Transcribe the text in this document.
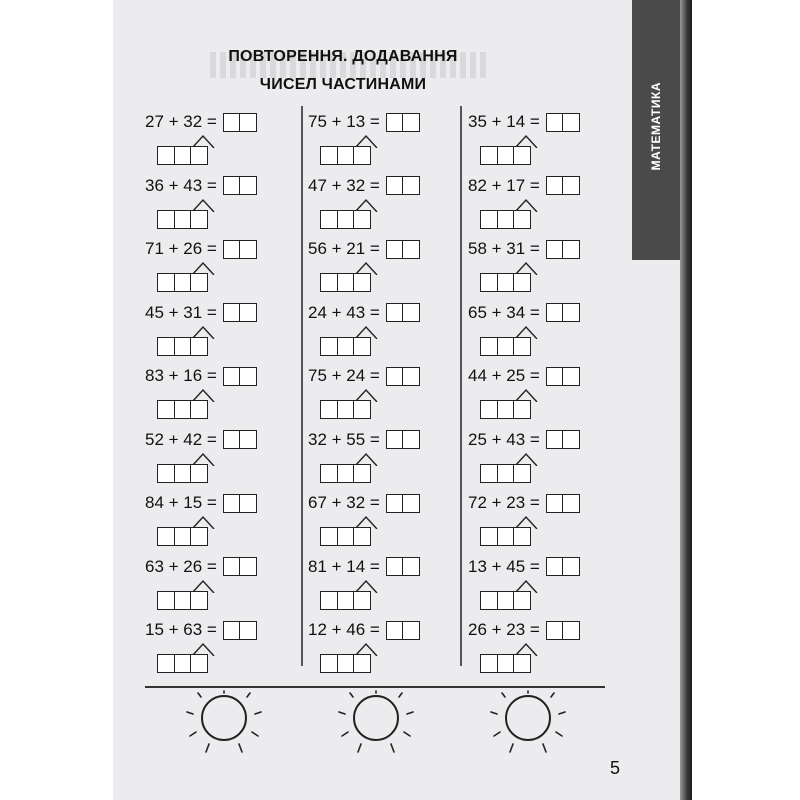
ПОВТОРЕННЯ. ДОДАВАННЯ
ЧИСЕЛ ЧАСТИНАМИ	МАТЕМАТИКА
27 + 32 =
36 + 43 =
71 + 26 =
45 + 31 =
83 + 16 =
52 + 42 =
84 + 15 =
63 + 26 =
15 + 63 =
75 + 13 =
47 + 32 =
56 + 21 =
24 + 43 =
75 + 24 =
32 + 55 =
67 + 32 =
81 + 14 =
12 + 46 =
35 + 14 =
82 + 17 =
58 + 31 =
65 + 34 =
44 + 25 =
25 + 43 =
72 + 23 =
13 + 45 =
26 + 23 =
5
